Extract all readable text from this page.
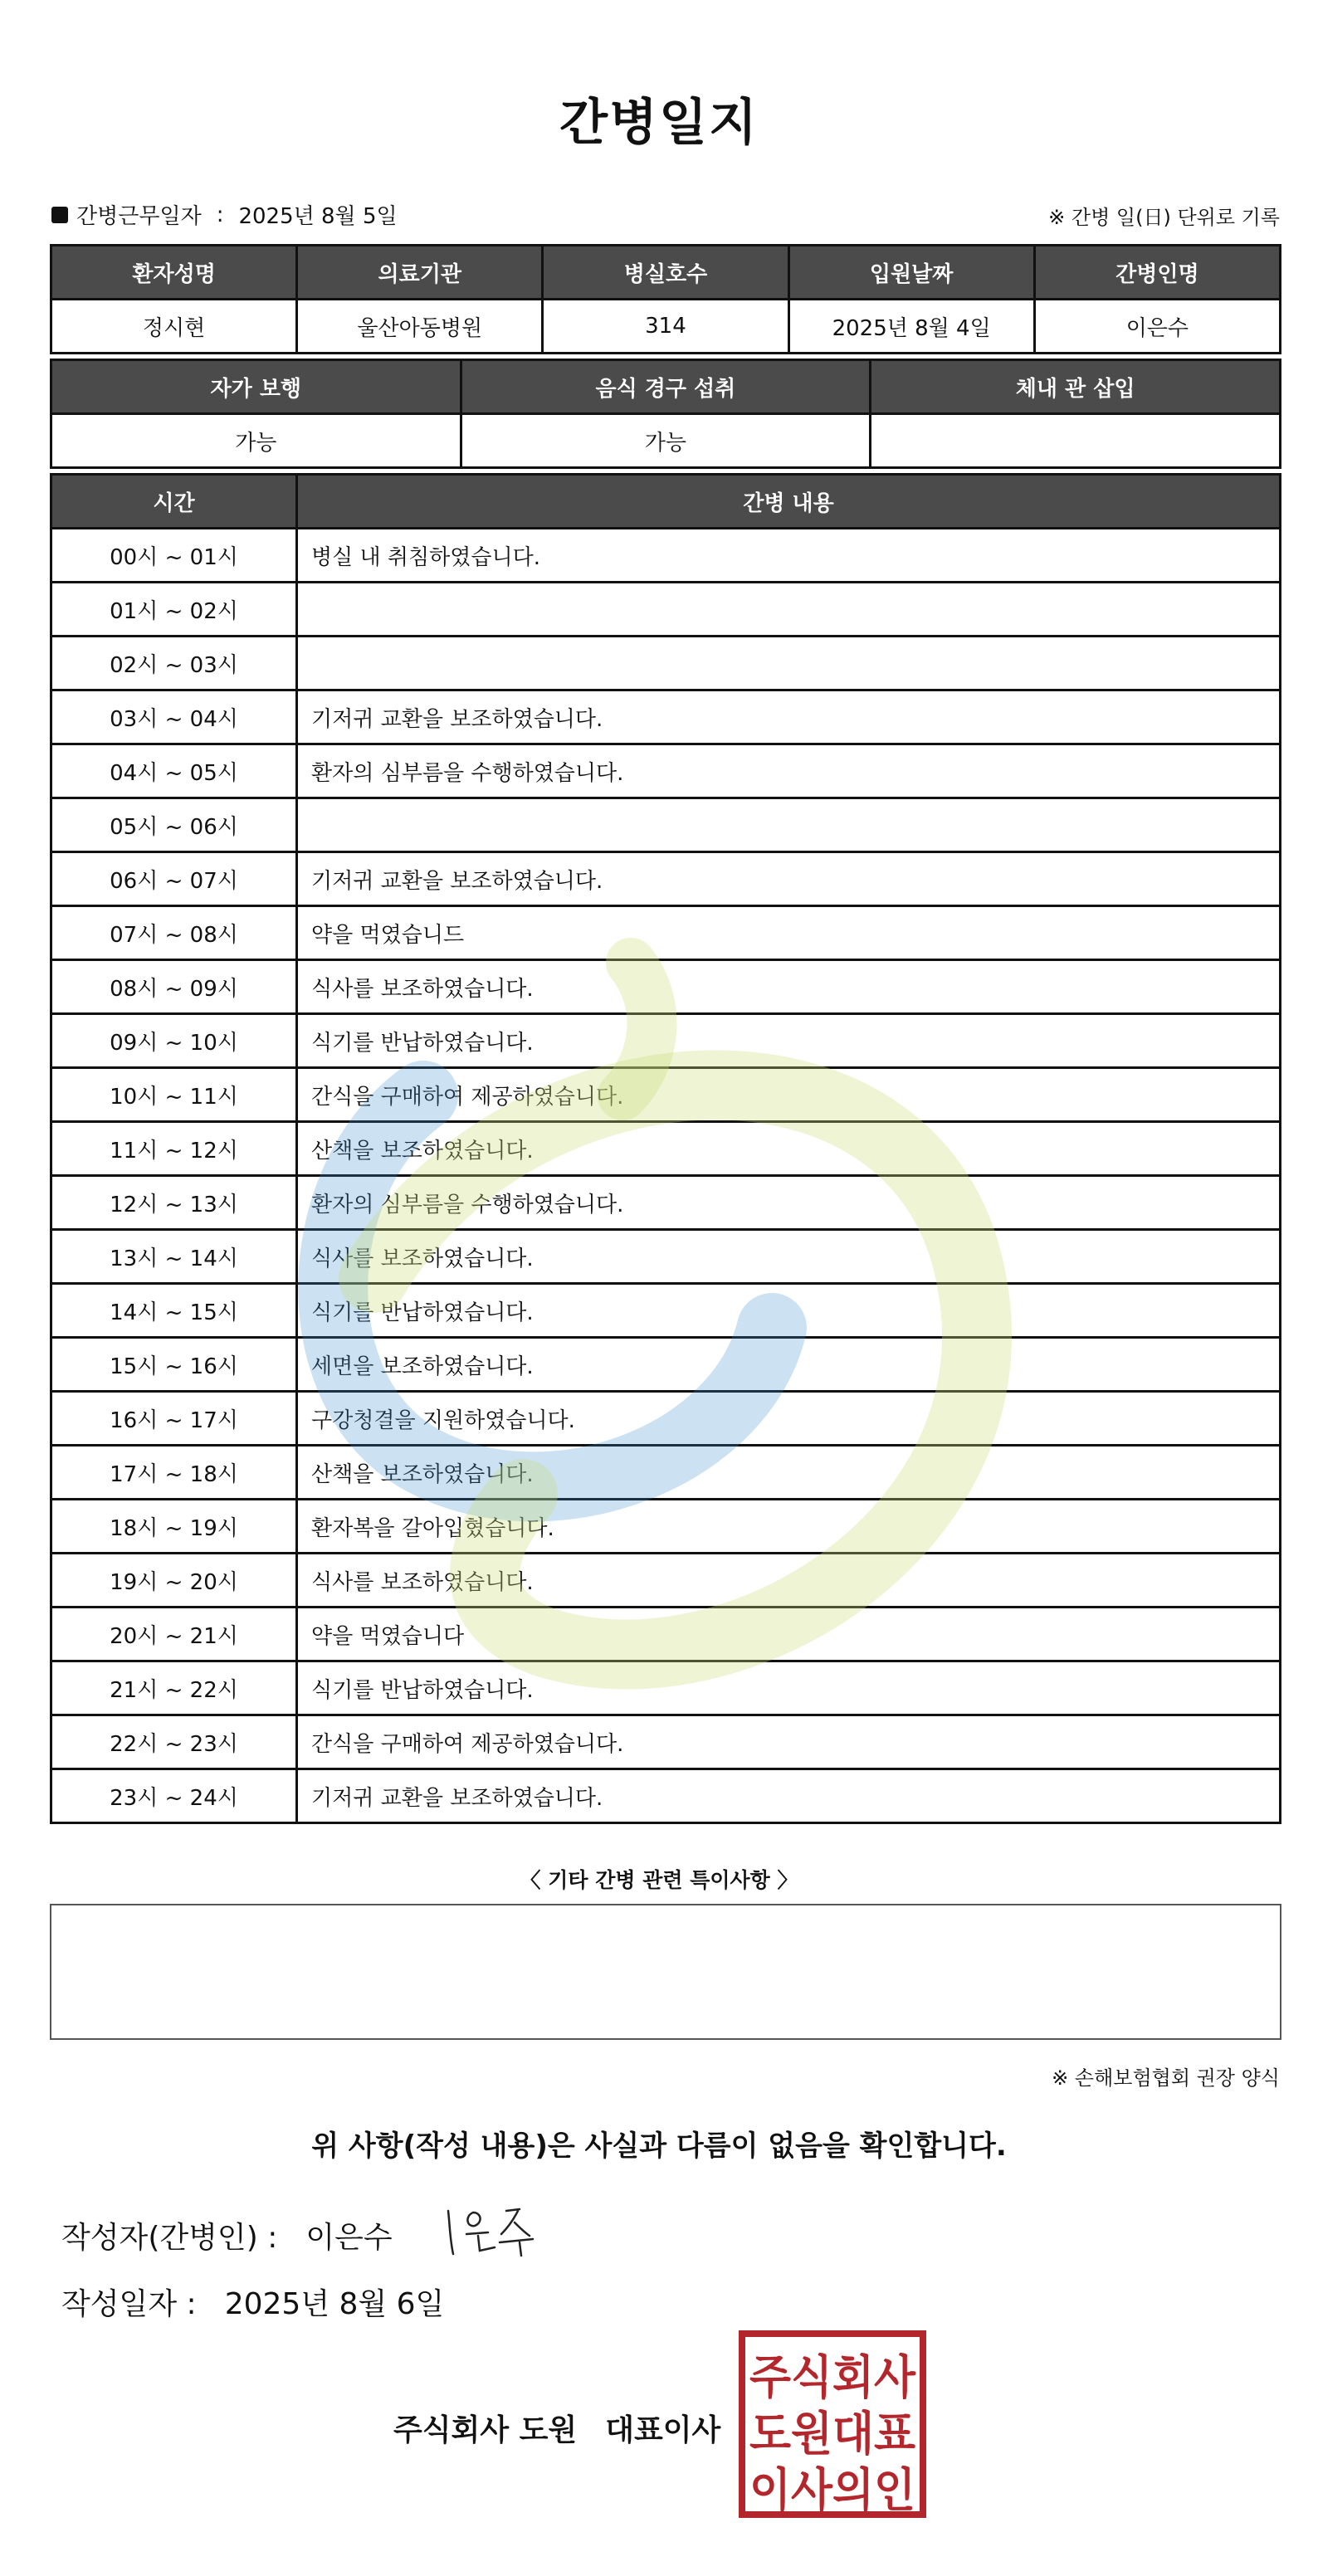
간병일지
간병근무일자 : 2025년 8월 5일	※ 간병 일(日) 단위로 기록
환자성명	의료기관	병실호수	입원날짜	간병인명
정시현	울산아동병원	314	2025년 8월 4일	이은수
자가 보행	음식 경구 섭취	체내 관 삽입
가능	가능	
시간	간병 내용
00시 ~ 01시	병실 내 취침하였습니다.
01시 ~ 02시	
02시 ~ 03시	
03시 ~ 04시	기저귀 교환을 보조하였습니다.
04시 ~ 05시	환자의 심부름을 수행하였습니다.
05시 ~ 06시	
06시 ~ 07시	기저귀 교환을 보조하였습니다.
07시 ~ 08시	약을 먹였습니드
08시 ~ 09시	식사를 보조하였습니다.
09시 ~ 10시	식기를 반납하였습니다.
10시 ~ 11시	간식을 구매하여 제공하였습니다.
11시 ~ 12시	산책을 보조하였습니다.
12시 ~ 13시	환자의 심부름을 수행하였습니다.
13시 ~ 14시	식사를 보조하였습니다.
14시 ~ 15시	식기를 반납하였습니다.
15시 ~ 16시	세면을 보조하였습니다.
16시 ~ 17시	구강청결을 지원하였습니다.
17시 ~ 18시	산책을 보조하였습니다.
18시 ~ 19시	환자복을 갈아입혔습니다.
19시 ~ 20시	식사를 보조하였습니다.
20시 ~ 21시	약을 먹였습니다
21시 ~ 22시	식기를 반납하였습니다.
22시 ~ 23시	간식을 구매하여 제공하였습니다.
23시 ~ 24시	기저귀 교환을 보조하였습니다.
〈 기타 간병 관련 특이사항 〉
※ 손해보험협회 권장 양식
위 사항(작성 내용)은 사실과 다름이 없음을 확인합니다.
작성자(간병인) : 이은수
작성일자 : 2025년 8월 6일
주식회사 도원 대표이사
주식회사
도원대표
이사의인
